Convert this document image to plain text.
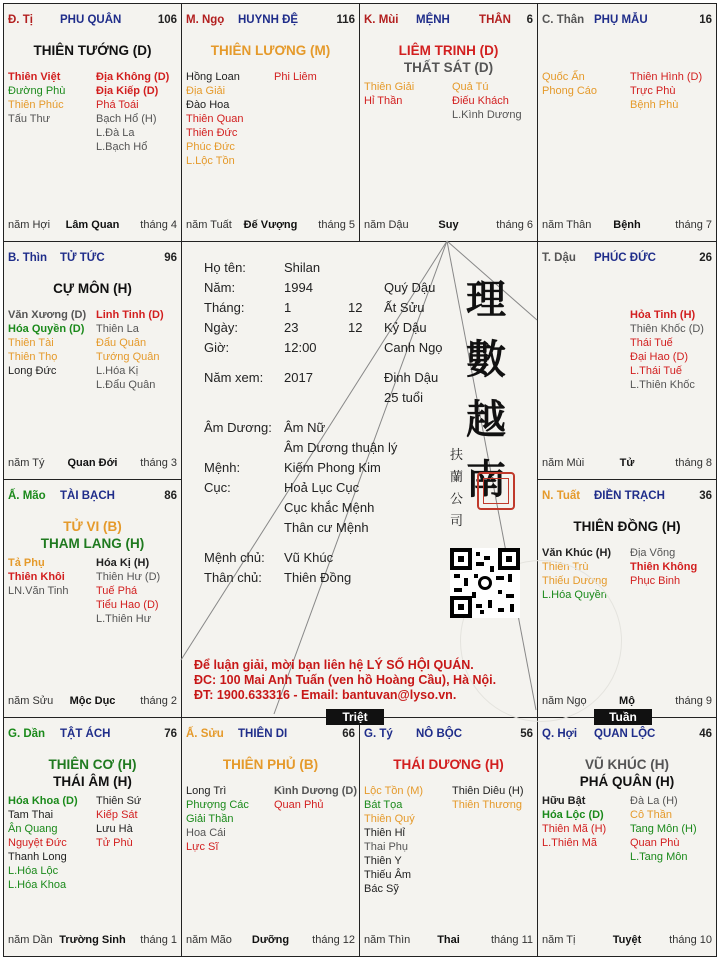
Đ. Tị PHU QUÂN	106
THIÊN TƯỚNG (D)
Thiên Việt
Đường Phù
Thiên Phúc
Tấu Thư
Địa Không (D)
Địa Kiếp (D)
Phá Toái
Bạch Hổ (H)
L.Đà La
L.Bạch Hổ
năm Hợi	Lâm Quan	tháng 4
M. Ngọ HUYNH ĐỆ	116
THIÊN LƯƠNG (M)
Hồng Loan
Địa Giải
Đào Hoa
Thiên Quan
Thiên Đức
Phúc Đức
L.Lộc Tồn
Phi Liêm
năm Tuất	Đế Vượng	tháng 5
K. Mùi MỆNH	THÂN 6
LIÊM TRINH (D)
THẤT SÁT (D)
Thiên Giải
Hỉ Thần
Quả Tú
Điếu Khách
L.Kình Dương
năm Dậu	Suy	tháng 6
C. Thân PHỤ MẪU	16
Quốc Ấn
Phong Cáo
Thiên Hình (D)
Trực Phù
Bệnh Phù
năm Thân	Bệnh	tháng 7
B. Thìn TỬ TỨC	96
CỰ MÔN (H)
Văn Xương (D)
Hóa Quyền (D)
Thiên Tài
Thiên Thọ
Long Đức
Linh Tinh (D)
Thiên La
Đẩu Quân
Tướng Quân
L.Hóa Kị
L.Đẩu Quân
năm Tý	Quan Đới	tháng 3
T. Dậu PHÚC ĐỨC	26
Hỏa Tinh (H)
Thiên Khốc (D)
Thái Tuế
Đại Hao (D)
L.Thái Tuế
L.Thiên Khốc
năm Mùi	Tử	tháng 8
Ấ. Mão TÀI BẠCH	86
TỬ VI (B)
THAM LANG (H)
Tả Phụ
Thiên Khôi
LN.Văn Tinh
Hóa Kị (H)
Thiên Hư (D)
Tuế Phá
Tiểu Hao (D)
L.Thiên Hư
năm Sửu	Mộc Dục	tháng 2
N. Tuất ĐIỀN TRẠCH	36
THIÊN ĐỒNG (H)
Văn Khúc (H)
Thiên Trù
Thiếu Dương
L.Hóa Quyền
Địa Võng
Thiên Không
Phục Binh
năm Ngọ	Mộ	tháng 9
G. Dần TẬT ÁCH	76
THIÊN CƠ (H)
THÁI ÂM (H)
Hóa Khoa (D)
Tam Thai
Ân Quang
Nguyệt Đức
Thanh Long
L.Hóa Lộc
L.Hóa Khoa
Thiên Sứ
Kiếp Sát
Lưu Hà
Tử Phù
năm Dần Trường Sinh	tháng 1
Ấ. Sửu THIÊN DI	66
THIÊN PHỦ (B)
Long Trì
Phượng Các
Giải Thần
Hoa Cái
Lực Sĩ
Kình Dương (D)
Quan Phủ
năm Mão	Dưỡng	tháng 12
G. Tý NÔ BỘC	56
THÁI DƯƠNG (H)
Lộc Tồn (M)
Bát Tọa
Thiên Quý
Thiên Hỉ
Thai Phụ
Thiên Y
Thiếu Âm
Bác Sỹ
Thiên Diêu (H)
Thiên Thương
năm Thìn	Thai	tháng 11
Q. Hợi QUAN LỘC	46
VŨ KHÚC (H)
PHÁ QUÂN (H)
Hữu Bật
Hóa Lộc (D)
Thiên Mã (H)
L.Thiên Mã
Đà La (H)
Cô Thần
Tang Môn (H)
Quan Phù
L.Tang Môn
năm Tị	Tuyệt	tháng 10
Họ tên:	Shilan
Năm:	1994	Quý Dậu
Tháng:	1	12 Ất Sửu
Ngày:	23	12 Kỷ Dậu
Giờ:	12:00	Canh Ngọ
Năm xem: 2017	Đinh Dậu
25 tuổi
Âm Dương: Âm Nữ
Âm Dương thuận lý
Mệnh:	Kiếm Phong Kim
Cục:	Hoả Lục Cục
Cục khắc Mệnh
Thân cư Mệnh
Mệnh chủ: Vũ Khúc
Thân chủ: Thiên Đồng
理
數
越
南
扶
蘭
公
司
Để luận giải, mời bạn liên hệ LÝ SỐ HỘI QUÁN.
ĐC: 100 Mai Anh Tuấn (ven hồ Hoàng Cầu), Hà Nội.
ĐT: 1900.633316 - Email: bantuvan@lyso.vn.
Triệt	Tuần
